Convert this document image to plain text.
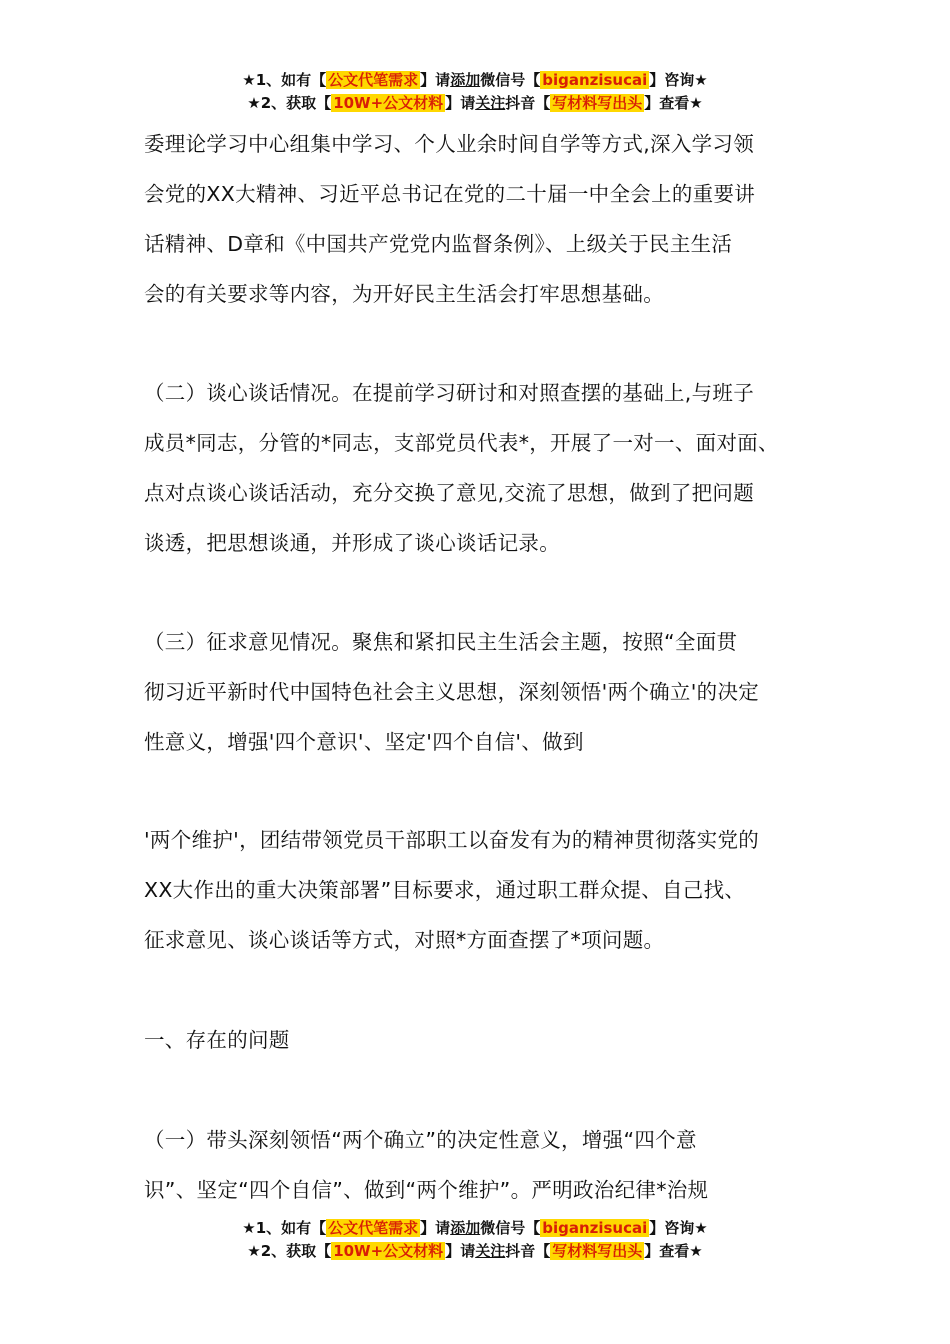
★1、如有【 公文代笔需求 】请添加微信号【 biganzisucai 】咨询★
★2、获取【 10W+公文材料 】请关注抖音【 写材料写出头 】查看★
委理论学习中心组集中学习、个人业余时间自学等方式,深入学习领
会党的XX大精神、习近平总书记在党的二十届一中全会上的重要讲
话精神、D章和《中国共产党党内监督条例》、上级关于民主生活
会的有关要求等内容，为开好民主生活会打牢思想基础。
（二）谈心谈话情况。在提前学习研讨和对照查摆的基础上,与班子
成员*同志，分管的*同志，支部党员代表*，开展了一对一、面对面、
点对点谈心谈话活动，充分交换了意见,交流了思想，做到了把问题
谈透，把思想谈通，并形成了谈心谈话记录。
（三）征求意见情况。聚焦和紧扣民主生活会主题，按照“全面贯
彻习近平新时代中国特色社会主义思想，深刻领悟'两个确立'的决定
性意义，增强'四个意识'、坚定'四个自信'、做到
'两个维护'，团结带领党员干部职工以奋发有为的精神贯彻落实党的
XX大作出的重大决策部署”目标要求，通过职工群众提、自己找、
征求意见、谈心谈话等方式，对照*方面查摆了*项问题。
一、存在的问题
（一）带头深刻领悟“两个确立”的决定性意义，增强“四个意
识”、坚定“四个自信”、做到“两个维护”。严明政治纪律*治规
★1、如有【 公文代笔需求 】请添加微信号【 biganzisucai 】咨询★
★2、获取【 10W+公文材料 】请关注抖音【 写材料写出头 】查看★
